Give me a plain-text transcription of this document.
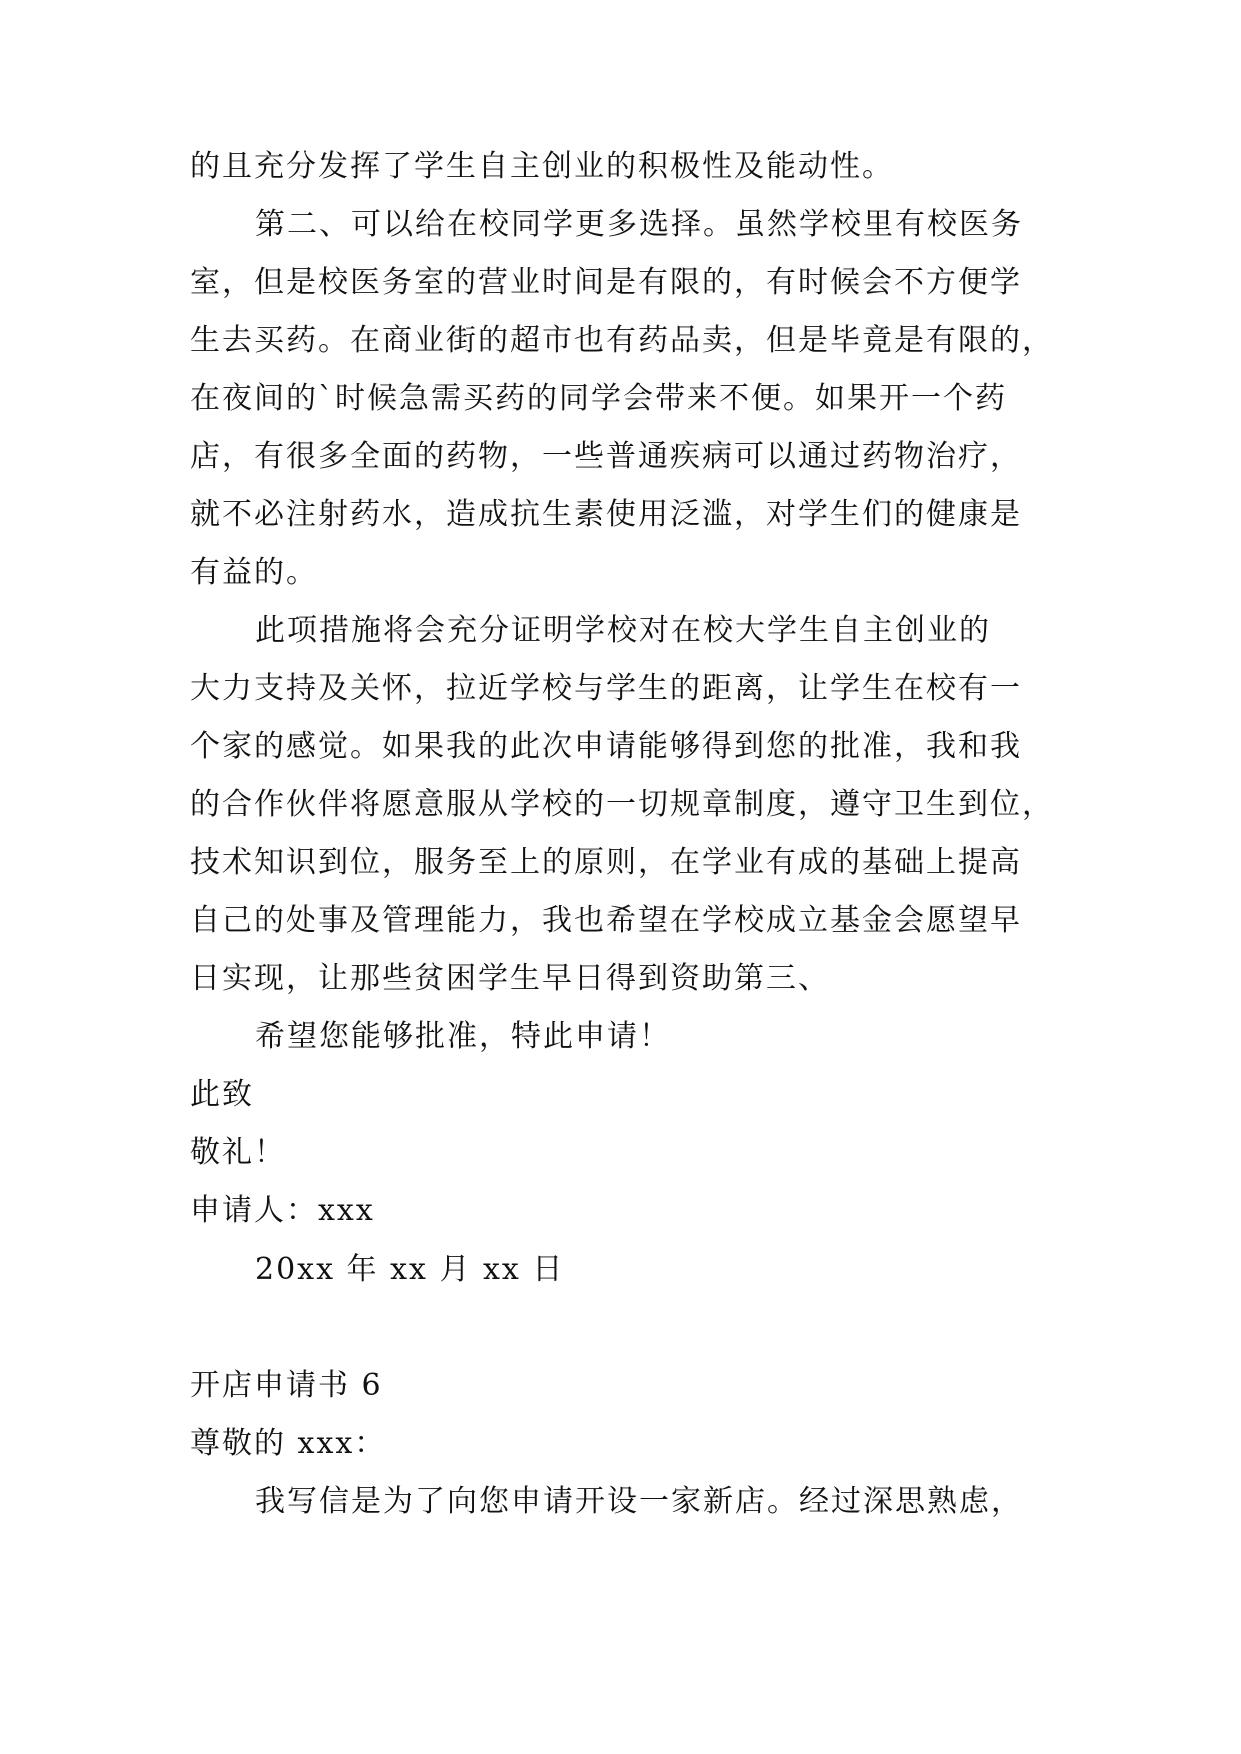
的且充分发挥了学生自主创业的积极性及能动性。
第二、可以给在校同学更多选择。虽然学校里有校医务
室，但是校医务室的营业时间是有限的，有时候会不方便学
生去买药。在商业街的超市也有药品卖，但是毕竟是有限的，
在夜间的`时候急需买药的同学会带来不便。如果开一个药
店，有很多全面的药物，一些普通疾病可以通过药物治疗，
就不必注射药水，造成抗生素使用泛滥，对学生们的健康是
有益的。
此项措施将会充分证明学校对在校大学生自主创业的
大力支持及关怀，拉近学校与学生的距离，让学生在校有一
个家的感觉。如果我的此次申请能够得到您的批准，我和我
的合作伙伴将愿意服从学校的一切规章制度，遵守卫生到位，
技术知识到位，服务至上的原则，在学业有成的基础上提高
自己的处事及管理能力，我也希望在学校成立基金会愿望早
日实现，让那些贫困学生早日得到资助第三、
希望您能够批准，特此申请！
此致
敬礼！
申请人：xxx
20xx 年 xx 月 xx 日
开店申请书 6
尊敬的 xxx：
我写信是为了向您申请开设一家新店。经过深思熟虑，
